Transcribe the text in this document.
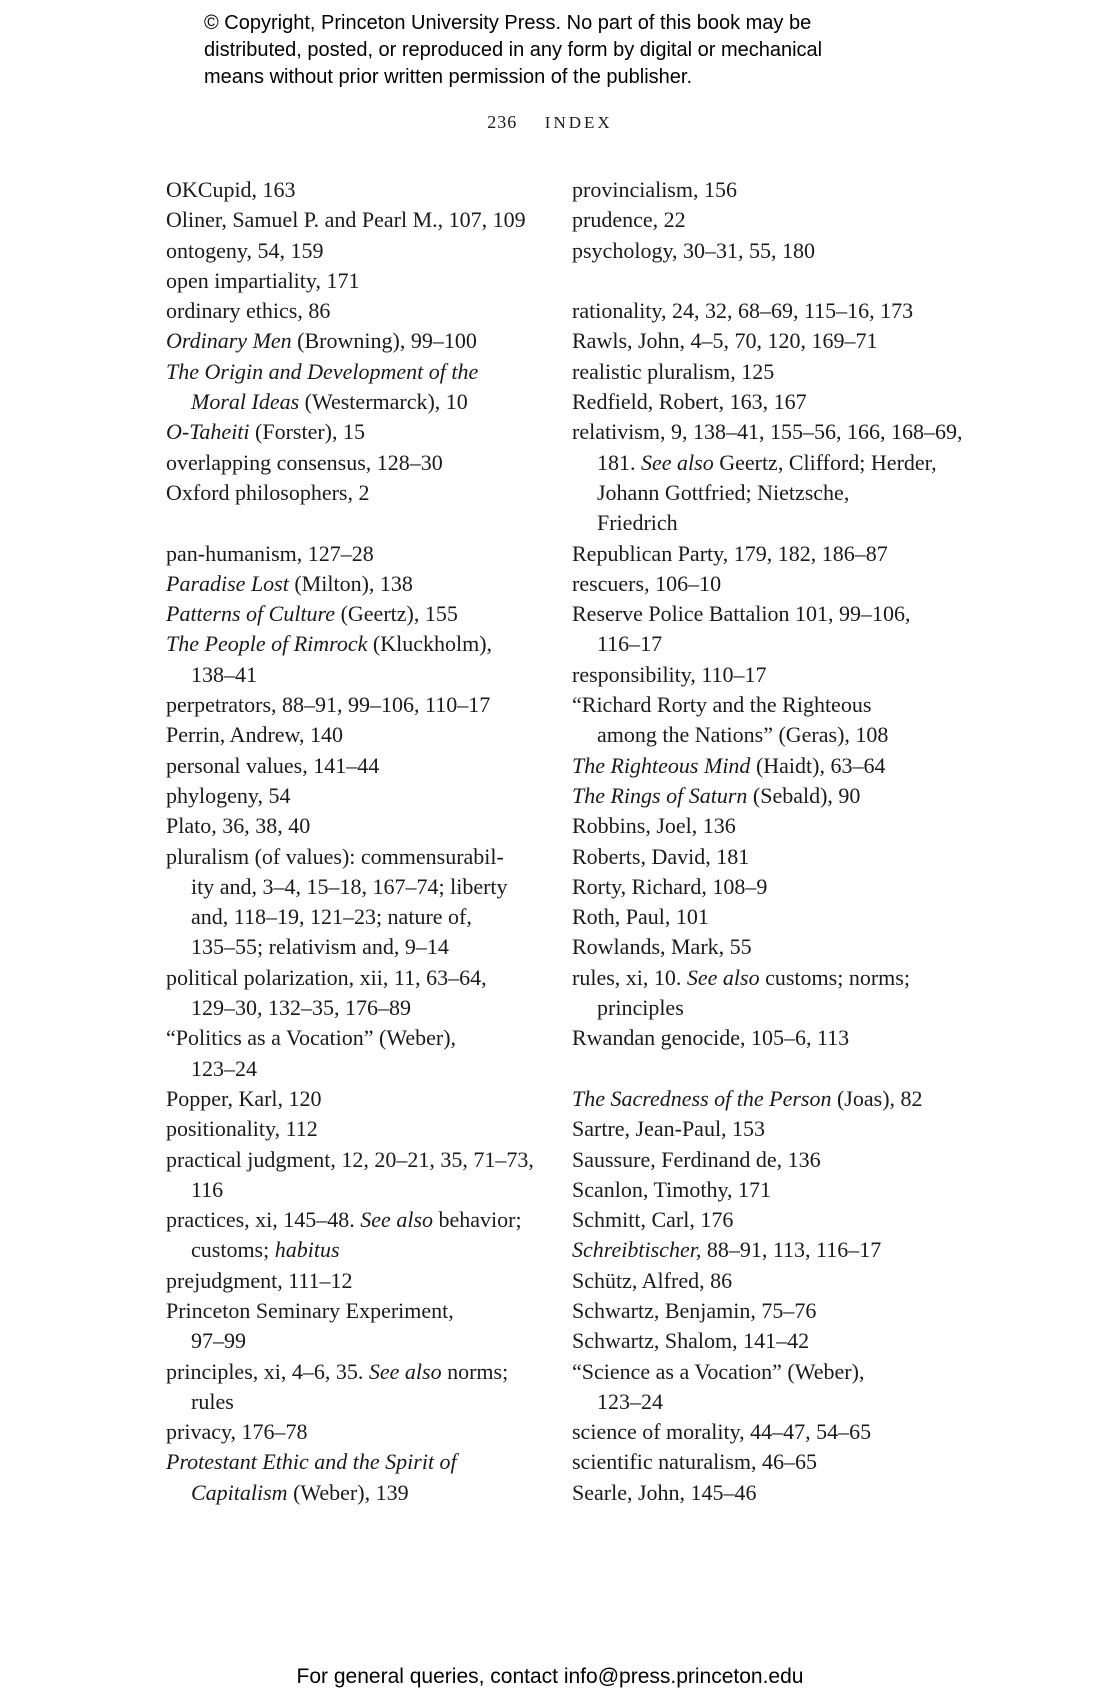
© Copyright, Princeton University Press. No part of this book may be
distributed, posted, or reproduced in any form by digital or mechanical
means without prior written permission of the publisher.
236 INDEX
OKCupid, 163
Oliner, Samuel P. and Pearl M., 107, 109
ontogeny, 54, 159
open impartiality, 171
ordinary ethics, 86
Ordinary Men (Browning), 99–100
The Origin and Development of the
Moral Ideas (Westermarck), 10
O-Taheiti (Forster), 15
overlapping consensus, 128–30
Oxford philosophers, 2
pan-humanism, 127–28
Paradise Lost (Milton), 138
Patterns of Culture (Geertz), 155
The People of Rimrock (Kluckholm),
138–41
perpetrators, 88–91, 99–106, 110–17
Perrin, Andrew, 140
personal values, 141–44
phylogeny, 54
Plato, 36, 38, 40
pluralism (of values): commensurabil-
ity and, 3–4, 15–18, 167–74; liberty
and, 118–19, 121–23; nature of,
135–55; relativism and, 9–14
political polarization, xii, 11, 63–64,
129–30, 132–35, 176–89
“Politics as a Vocation” (Weber),
123–24
Popper, Karl, 120
positionality, 112
practical judgment, 12, 20–21, 35, 71–73,
116
practices, xi, 145–48. See also behavior;
customs; habitus
prejudgment, 111–12
Princeton Seminary Experiment,
97–99
principles, xi, 4–6, 35. See also norms;
rules
privacy, 176–78
Protestant Ethic and the Spirit of
Capitalism (Weber), 139
provincialism, 156
prudence, 22
psychology, 30–31, 55, 180
rationality, 24, 32, 68–69, 115–16, 173
Rawls, John, 4–5, 70, 120, 169–71
realistic pluralism, 125
Redfield, Robert, 163, 167
relativism, 9, 138–41, 155–56, 166, 168–69,
181. See also Geertz, Clifford; Herder,
Johann Gottfried; Nietzsche,
Friedrich
Republican Party, 179, 182, 186–87
rescuers, 106–10
Reserve Police Battalion 101, 99–106,
116–17
responsibility, 110–17
“Richard Rorty and the Righteous
among the Nations” (Geras), 108
The Righteous Mind (Haidt), 63–64
The Rings of Saturn (Sebald), 90
Robbins, Joel, 136
Roberts, David, 181
Rorty, Richard, 108–9
Roth, Paul, 101
Rowlands, Mark, 55
rules, xi, 10. See also customs; norms;
principles
Rwandan genocide, 105–6, 113
The Sacredness of the Person (Joas), 82
Sartre, Jean-Paul, 153
Saussure, Ferdinand de, 136
Scanlon, Timothy, 171
Schmitt, Carl, 176
Schreibtischer, 88–91, 113, 116–17
Schütz, Alfred, 86
Schwartz, Benjamin, 75–76
Schwartz, Shalom, 141–42
“Science as a Vocation” (Weber),
123–24
science of morality, 44–47, 54–65
scientific naturalism, 46–65
Searle, John, 145–46
For general queries, contact info@press.princeton.edu
